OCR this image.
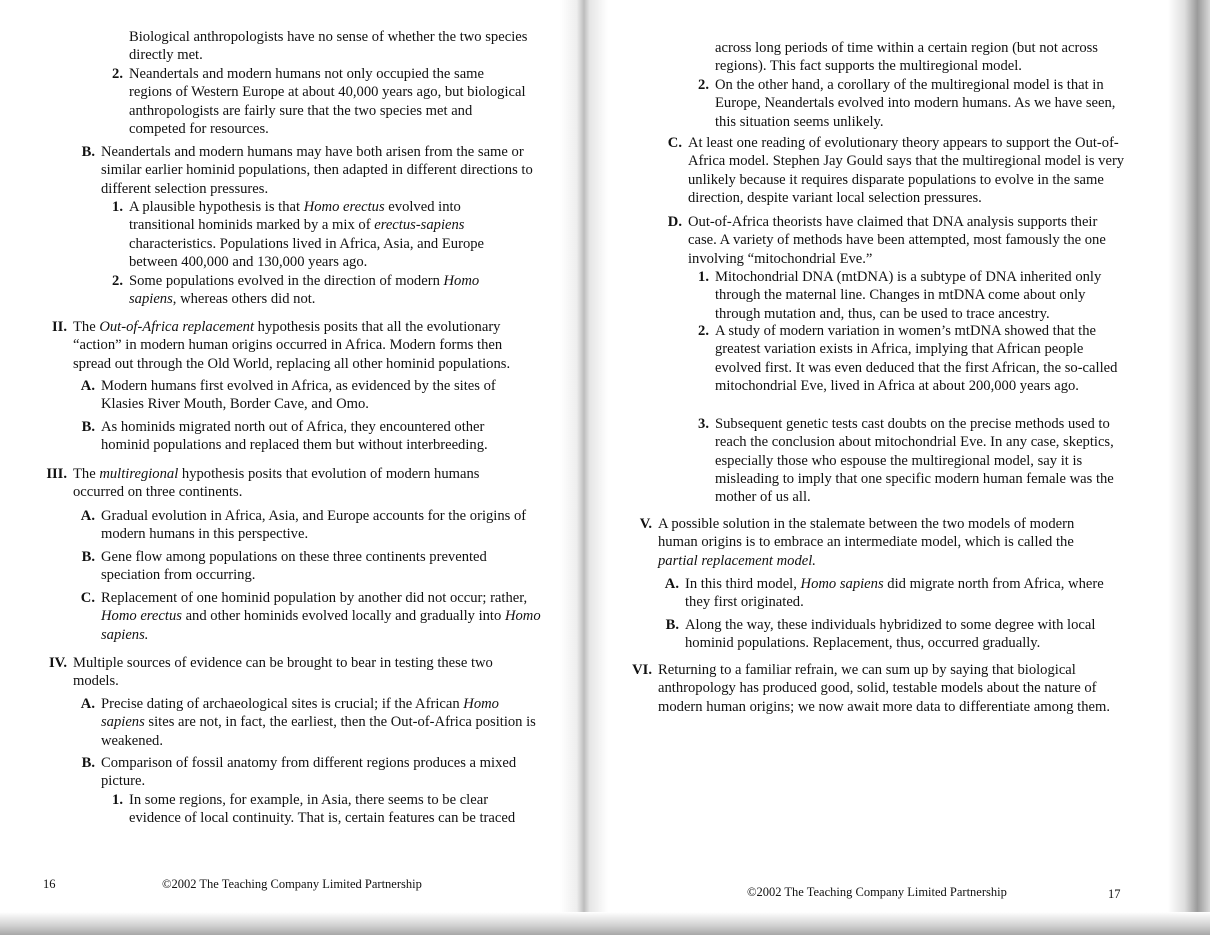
Biological anthropologists have no sense of whether the two species directly met.
2. Neandertals and modern humans not only occupied the same regions of Western Europe at about 40,000 years ago, but biological anthropologists are fairly sure that the two species met and competed for resources.
B. Neandertals and modern humans may have both arisen from the same or similar earlier hominid populations, then adapted in different directions to different selection pressures.
1. A plausible hypothesis is that Homo erectus evolved into transitional hominids marked by a mix of erectus-sapiens characteristics. Populations lived in Africa, Asia, and Europe between 400,000 and 130,000 years ago.
2. Some populations evolved in the direction of modern Homo sapiens, whereas others did not.
II. The Out-of-Africa replacement hypothesis posits that all the evolutionary “action” in modern human origins occurred in Africa. Modern forms then spread out through the Old World, replacing all other hominid populations.
A. Modern humans first evolved in Africa, as evidenced by the sites of Klasies River Mouth, Border Cave, and Omo.
B. As hominids migrated north out of Africa, they encountered other hominid populations and replaced them but without interbreeding.
III. The multiregional hypothesis posits that evolution of modern humans occurred on three continents.
A. Gradual evolution in Africa, Asia, and Europe accounts for the origins of modern humans in this perspective.
B. Gene flow among populations on these three continents prevented speciation from occurring.
C. Replacement of one hominid population by another did not occur; rather, Homo erectus and other hominids evolved locally and gradually into Homo sapiens.
IV. Multiple sources of evidence can be brought to bear in testing these two models.
A. Precise dating of archaeological sites is crucial; if the African Homo sapiens sites are not, in fact, the earliest, then the Out-of-Africa position is weakened.
B. Comparison of fossil anatomy from different regions produces a mixed picture.
1. In some regions, for example, in Asia, there seems to be clear evidence of local continuity. That is, certain features can be traced
16	©2002 The Teaching Company Limited Partnership
across long periods of time within a certain region (but not across regions). This fact supports the multiregional model.
2. On the other hand, a corollary of the multiregional model is that in Europe, Neandertals evolved into modern humans. As we have seen, this situation seems unlikely.
C. At least one reading of evolutionary theory appears to support the Out-of-Africa model. Stephen Jay Gould says that the multiregional model is very unlikely because it requires disparate populations to evolve in the same direction, despite variant local selection pressures.
D. Out-of-Africa theorists have claimed that DNA analysis supports their case. A variety of methods have been attempted, most famously the one involving “mitochondrial Eve.”
1. Mitochondrial DNA (mtDNA) is a subtype of DNA inherited only through the maternal line. Changes in mtDNA come about only through mutation and, thus, can be used to trace ancestry.
2. A study of modern variation in women’s mtDNA showed that the greatest variation exists in Africa, implying that African people evolved first. It was even deduced that the first African, the so-called mitochondrial Eve, lived in Africa at about 200,000 years ago.
3. Subsequent genetic tests cast doubts on the precise methods used to reach the conclusion about mitochondrial Eve. In any case, skeptics, especially those who espouse the multiregional model, say it is misleading to imply that one specific modern human female was the mother of us all.
V. A possible solution in the stalemate between the two models of modern human origins is to embrace an intermediate model, which is called the partial replacement model.
A. In this third model, Homo sapiens did migrate north from Africa, where they first originated.
B. Along the way, these individuals hybridized to some degree with local hominid populations. Replacement, thus, occurred gradually.
VI. Returning to a familiar refrain, we can sum up by saying that biological anthropology has produced good, solid, testable models about the nature of modern human origins; we now await more data to differentiate among them.
©2002 The Teaching Company Limited Partnership	17
